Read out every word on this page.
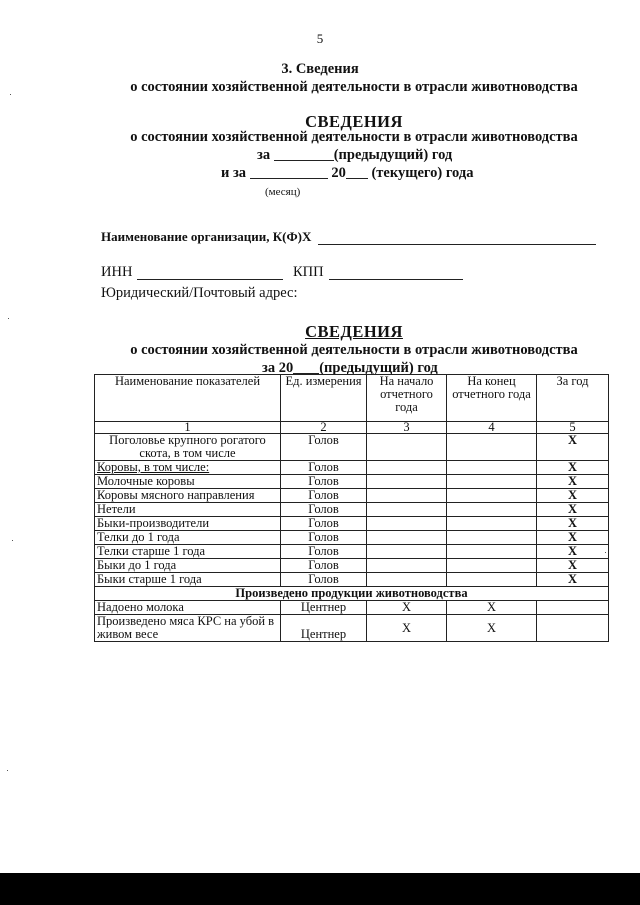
5
3. Сведения
о состоянии хозяйственной деятельности в отрасли животноводства
СВЕДЕНИЯ
о состоянии хозяйственной деятельности в отрасли животноводства
за	(предыдущий) год
и за	20 (текущего) года
(месяц)
Наименование организации, К(Ф)Х
ИНН	КПП
Юридический/Почтовый адрес:
СВЕДЕНИЯ
о состоянии хозяйственной деятельности в отрасли животноводства
за 20 (предыдущий) год
Наименование показателей	Ед. измерения	На начало отчетного года	На конец отчетного года	За год
1	2	3	4	5
Поголовье крупного рогатого скота, в том числе	Голов			X
Коровы, в том числе:	Голов			X
Молочные коровы	Голов			X
Коровы мясного направления	Голов			X
Нетели	Голов			X
Быки-производители	Голов			X
Телки до 1 года	Голов			X
Телки старше 1 года	Голов			X
Быки до 1 года	Голов			X
Быки старше 1 года	Голов			X
Произведено продукции животноводства				
Надоено молока	Центнер	X	X	
Произведено мяса КРС на убой в живом весе	Центнер	X	X	
